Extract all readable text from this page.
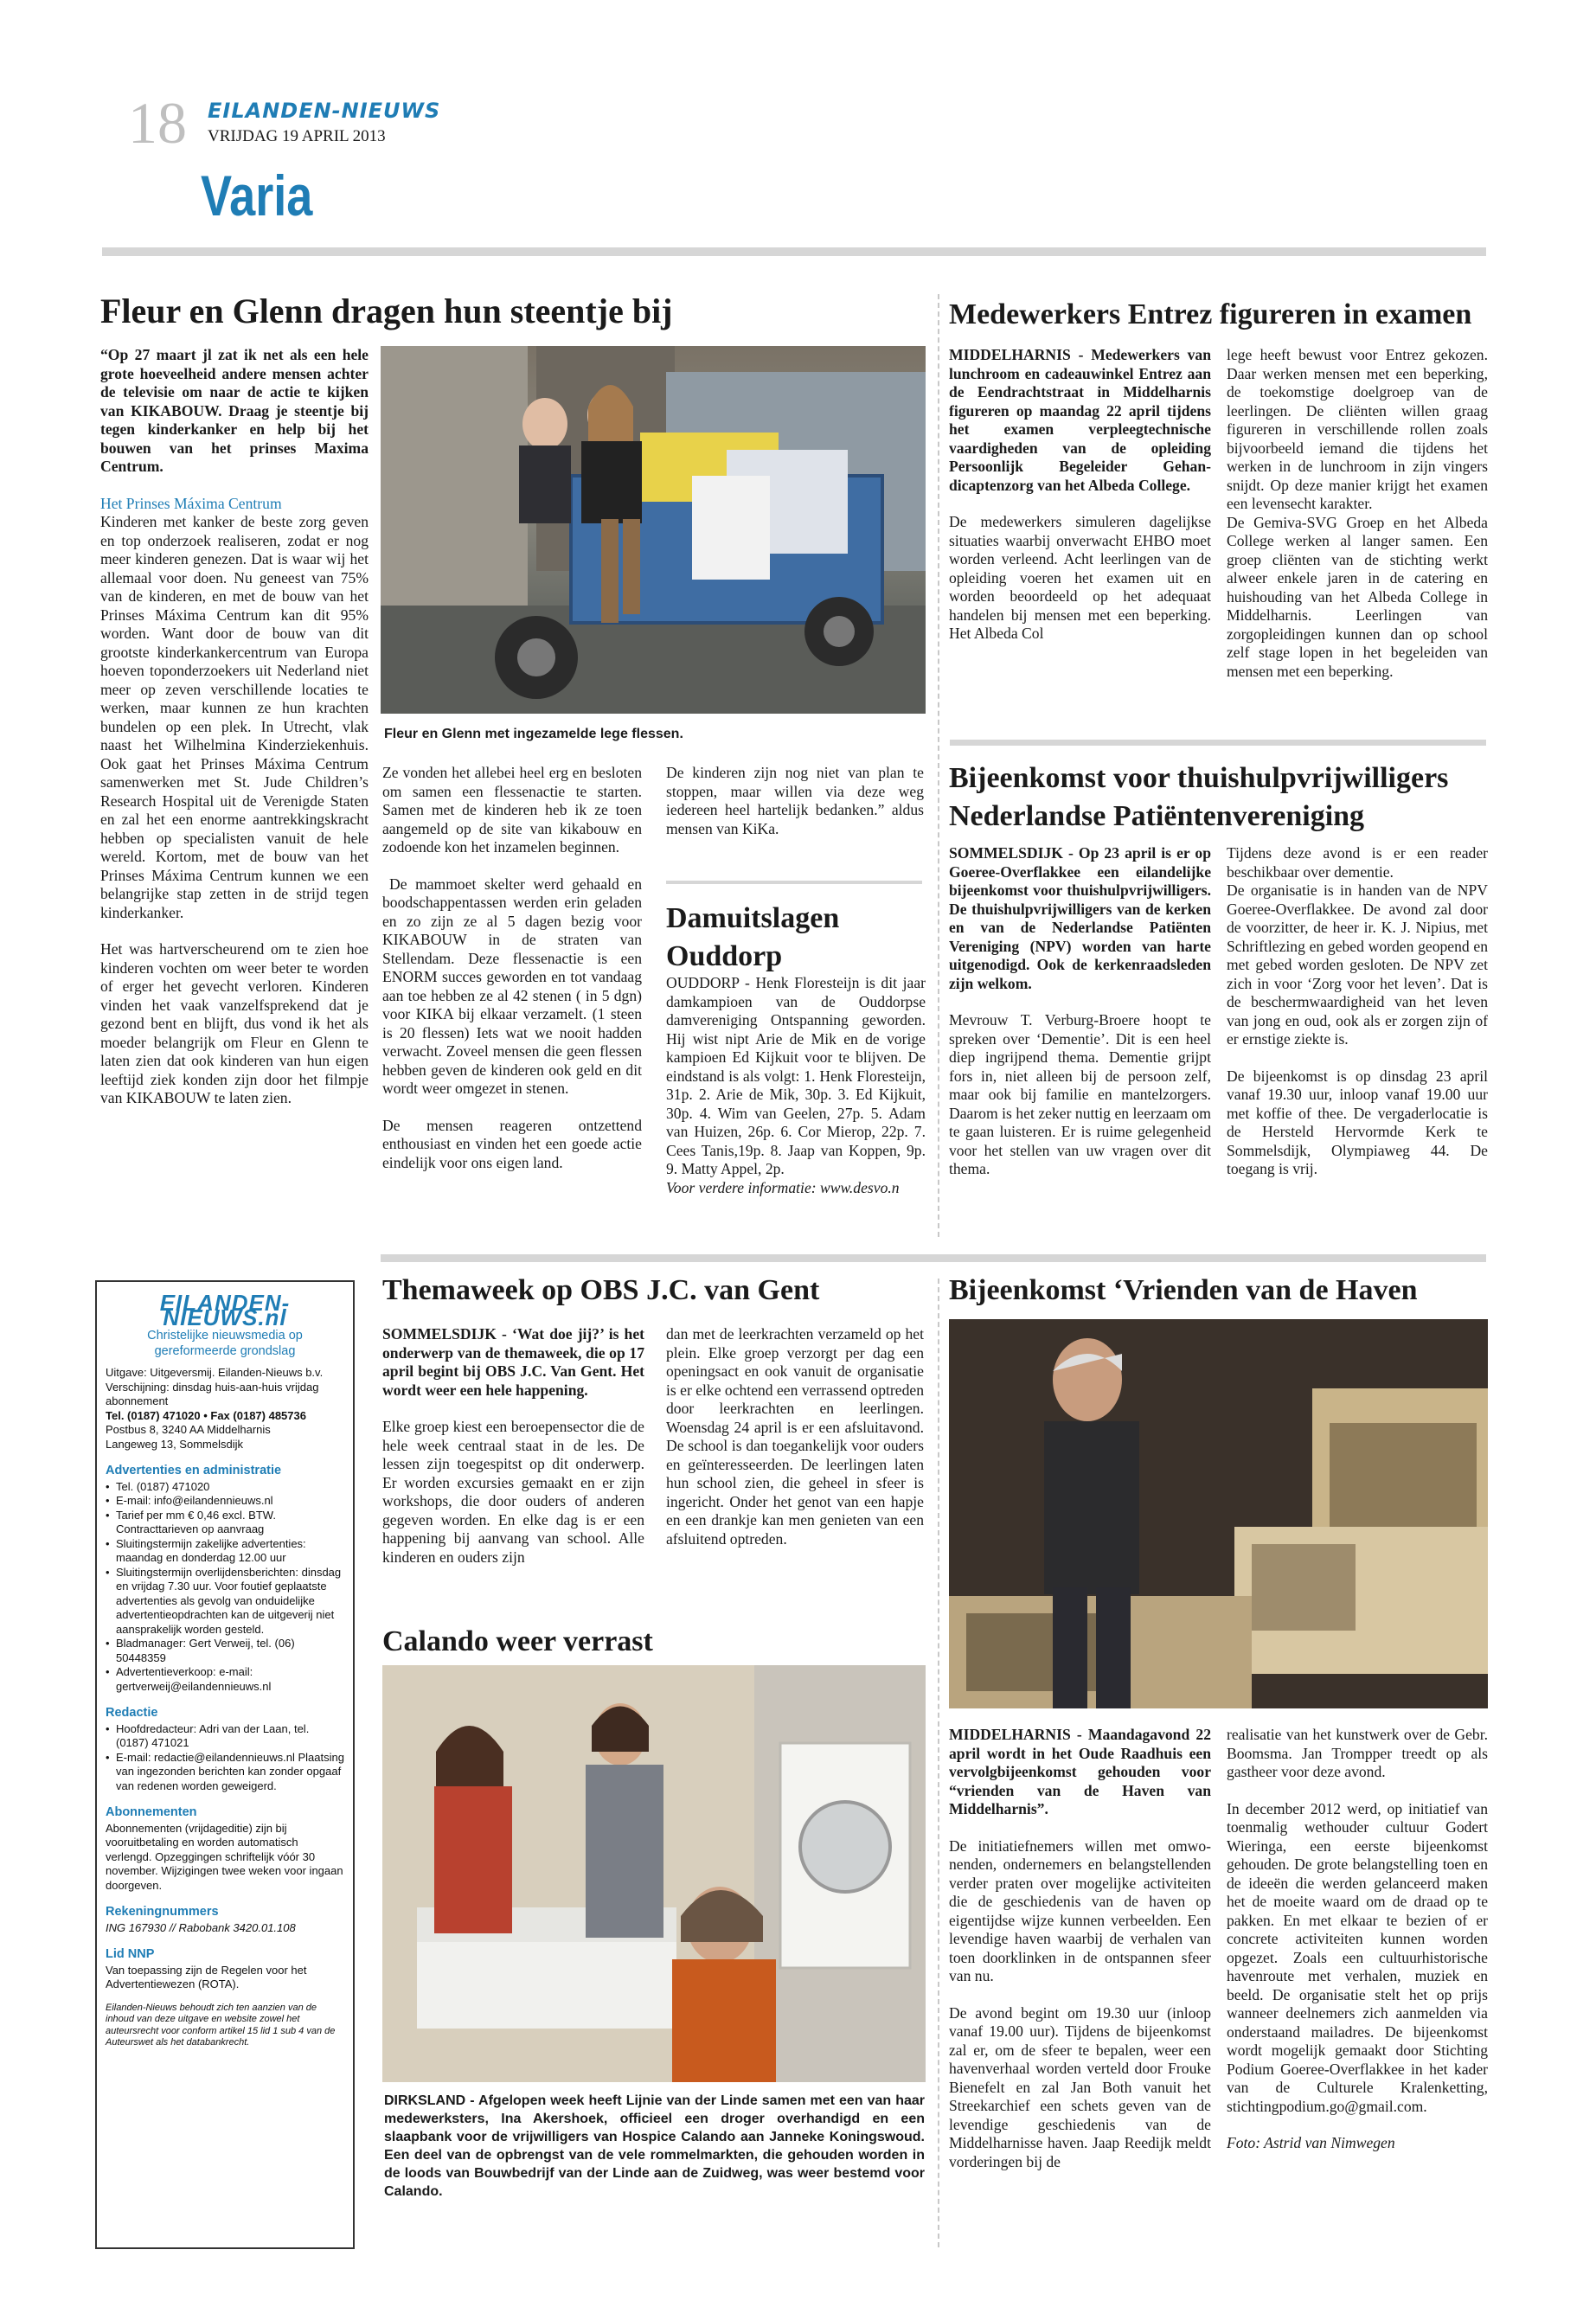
18 EILANDEN-NIEUWS
VRIJDAG 19 APRIL 2013
Varia
Fleur en Glenn dragen hun steentje bij

“Op 27 maart jl zat ik net als een hele grote hoeveelheid andere mensen achter de televisie om naar de actie te kijken van KIKABOUW. Draag je steentje bij tegen kinderkanker en help bij het bouwen van het prinses Maxima Centrum.

Het Prinses Máxima Centrum

Kinderen met kanker de beste zorg geven en top onderzoek realiseren, zodat er nog meer kinderen genezen. Dat is waar wij het allemaal voor doen. Nu geneest van 75% van de kinderen, en met de bouw van het Prinses Máxima Centrum kan dit 95% worden. Want door de bouw van dit grootste kinderkankercentrum van Europa hoeven toponderzoekers uit Nederland niet meer op zeven verschillende locaties te werken, maar kunnen ze hun krachten bundelen op een plek. In Utrecht, vlak naast het Wilhelmina Kinderziekenhuis. Ook gaat het Prinses Máxima Centrum samenwerken met St. Jude Children’s Research Hospital uit de Verenigde Staten en zal het een enorme aantrekkingskracht hebben op specialisten vanuit de hele wereld. Kortom, met de bouw van het Prinses Máxima Centrum kunnen we een belangrijke stap zetten in de strijd tegen kinderkanker.

Het was hartverscheurend om te zien hoe kinderen vochten om weer beter te worden of erger het gevecht verloren. Kinderen vinden het vaak vanzelfsprekend dat je gezond bent en blijft, dus vond ik het als moeder belangrijk om Fleur en Glenn te laten zien dat ook kinderen van hun eigen leeftijd ziek konden zijn door het filmpje van KIKABOUW te laten zien.

Fleur en Glenn met ingezamelde lege flessen.

Ze vonden het allebei heel erg en besloten om samen een flessenactie te starten. Samen met de kinderen heb ik ze toen aangemeld op de site van kikabouw en zodoende kon het inzamelen beginnen.

De mammoet skelter werd gehaald en boodschappentassen werden erin geladen en zo zijn ze al 5 dagen bezig voor KIKABOUW in de straten van Stellendam. Deze flessenactie is een ENORM succes geworden en tot vandaag aan toe hebben ze al 42 stenen ( in 5 dgn) voor KIKA bij elkaar verzamelt. (1 steen is 20 flessen) Iets wat we nooit hadden verwacht. Zoveel mensen die geen flessen hebben geven de kinderen ook geld en dit wordt weer omgezet in stenen.

De mensen reageren ontzettend enthousiast en vinden het een goede actie eindelijk voor ons eigen land.

De kinderen zijn nog niet van plan te stoppen, maar willen via deze weg iedereen heel hartelijk bedanken.” aldus mensen van KiKa.

Damuitslagen Ouddorp
OUDDORP - Henk Floresteijn is dit jaar damkampioen van de Ouddorpse damvereniging Ontspanning geworden. Hij wist nipt Arie de Mik en de vorige kampioen Ed Kijkuit voor te blijven. De eindstand is als volgt: 1. Henk Floresteijn, 31p. 2. Arie de Mik, 30p. 3. Ed Kijkuit, 30p. 4. Wim van Geelen, 27p. 5. Adam van Huizen, 26p. 6. Cor Mierop, 22p. 7. Cees Tanis,19p. 8. Jaap van Koppen, 9p. 9. Matty Appel, 2p.
Voor verdere informatie: www.desvo.n
Medewerkers Entrez figureren in examen

MIDDELHARNIS - Medewerkers van lunchroom en cadeauwinkel Entrez aan de Eendrachtstraat in Middelharnis figureren op maandag 22 april tijdens het examen verpleegtechnische vaardigheden van de opleiding Persoonlijk Begeleider Gehandicaptenzorg van het Albeda College.

De medewerkers simuleren dagelijkse situaties waarbij onverwacht EHBO moet worden verleend. Acht leerlingen van de opleiding voeren het examen uit en worden beoordeeld op het adequaat handelen bij mensen met een beperking. Het Albeda Col

lege heeft bewust voor Entrez gekozen. Daar werken mensen met een beperking, de toekomstige doelgroep van de leerlingen. De cliënten willen graag figureren in verschillende rollen zoals bijvoorbeeld iemand die tijdens het werken in de lunchroom in zijn vingers snijdt. Op deze manier krijgt het examen een levensecht karakter.
De Gemiva-SVG Groep en het Albeda College werken al langer samen. Een groep cliënten van de stichting werkt alweer enkele jaren in de catering en huishouding van het Albeda College in Middelharnis. Leerlingen van zorgopleidingen kunnen dan op school zelf stage lopen in het begeleiden van mensen met een beperking.
Bijeenkomst voor thuishulpvrijwilligers Nederlandse Patiëntenvereniging

SOMMELSDIJK - Op 23 april is er op Goeree-Overflakkee een eilandelijke bijeenkomst voor thuishulpvrijwilligers. De thuishulpvrijwilligers van de kerken en van de Nederlandse Patiënten Vereniging (NPV) worden van harte uitgenodigd. Ook de kerkenraadsleden zijn welkom.

Mevrouw T. Verburg-Broere hoopt te spreken over ‘Dementie’. Dit is een heel diep ingrijpend thema. Dementie grijpt fors in, niet alleen bij de persoon zelf, maar ook bij familie en mantelzorgers. Daarom is het zeker nuttig en leerzaam om te gaan luisteren. Er is ruime gelegenheid voor het stellen van uw vragen over dit thema.

Tijdens deze avond is er een reader beschikbaar over dementie.

De organisatie is in handen van de NPV Goeree-Overflakkee. De avond zal door de voorzitter, de heer ir. K. J. Nipius, met Schriftlezing en gebed worden geopend en met gebed worden gesloten. De NPV zet zich in voor ‘Zorg voor het leven’. Dat is de beschermwaardigheid van het leven van jong en oud, ook als er zorgen zijn of er ernstige ziekte is.

De bijeenkomst is op dinsdag 23 april vanaf 19.30 uur, inloop vanaf 19.00 uur met koffie of thee. De vergaderlocatie is de Hersteld Hervormde Kerk te Sommelsdijk, Olympiaweg 44. De toegang is vrij.

EILANDEN-NIEUWS.nl
Christelijke nieuwsmedia op gereformeerde grondslag
Uitgave: Uitgeversmij. Eilanden-Nieuws b.v.
Verschijning: dinsdag huis-aan-huis vrijdag abonnement
Tel. (0187) 471020 • Fax (0187) 485736
Postbus 8, 3240 AA Middelharnis
Langeweg 13, Sommelsdijk
Advertenties en administratie
• Tel. (0187) 471020
• E-mail: info@eilandennieuws.nl
• Tarief per mm € 0,46 excl. BTW. Contracttarieven op aanvraag
• Sluitingstermijn zakelijke advertenties: maandag en donderdag 12.00 uur
• Sluitingstermijn overlijdensberichten: dinsdag en vrijdag 7.30 uur. Voor foutief geplaatste advertenties als gevolg van onduidelijke advertentieopdrachten kan de uitgeverij niet aansprakelijk worden gesteld.
• Bladmanager: Gert Verweij, tel. (06) 50448359
• Advertentieverkoop: e-mail: gertverweij@eilandennieuws.nl
Redactie
• Hoofdredacteur: Adri van der Laan, tel. (0187) 471021
• E-mail: redactie@eilandennieuws.nl Plaatsing van ingezonden berichten kan zonder opgaaf van redenen worden geweigerd.
Abonnementen
Abonnementen (vrijdageditie) zijn bij vooruitbetaling en worden automatisch verlengd. Opzeggingen schriftelijk vóór 30 november. Wijzigingen twee weken voor ingaan doorgeven.
Rekeningnummers
ING 167930 // Rabobank 3420.01.108
Lid NNP
Van toepassing zijn de Regelen voor het Advertentiewezen (ROTA).
Eilanden-Nieuws behoudt zich ten aanzien van de inhoud van deze uitgave en website zowel het auteursrecht voor conform artikel 15 lid 1 sub 4 van de Auteurswet als het databankrecht.
Themaweek op OBS J.C. van Gent

SOMMELSDIJK - ‘Wat doe jij?’ is het onderwerp van de themaweek, die op 17 april begint bij OBS J.C. Van Gent. Het wordt weer een hele happening.

Elke groep kiest een beroepensector die de hele week centraal staat in de les. De lessen zijn toegespitst op dit onderwerp. Er worden excursies gemaakt en er zijn workshops, die door ouders of anderen gegeven worden. En elke dag is er een happening bij aanvang van school. Alle kinderen en ouders zijn
dan met de leerkrachten verzameld op het plein. Elke groep verzorgt per dag een openingsact en ook vanuit de organisatie is er elke ochtend een verrassend optreden door leerkrachten en leerlingen. Woensdag 24 april is er een afsluitavond. De school is dan toegankelijk voor ouders en geïnteresseerden. De leerlingen laten hun school zien, die geheel in sfeer is ingericht. Onder het genot van een hapje en een drankje kan men genieten van een afsluitend optreden.
Calando weer verrast
DIRKSLAND - Afgelopen week heeft Lijnie van der Linde samen met een van haar medewerksters, Ina Akershoek, officieel een droger overhandigd en een slaapbank voor de vrijwilligers van Hospice Calando aan Janneke Koningswoud. Een deel van de opbrengst van de vele rommelmarkten, die gehouden worden in de loods van Bouwbedrijf van der Linde aan de Zuidweg, was weer bestemd voor Calando.
Bijeenkomst ‘Vrienden van de Haven

MIDDELHARNIS - Maandagavond 22 april wordt in het Oude Raadhuis een vervolgbijeenkomst gehouden voor “vrienden van de Haven van Middelharnis”.

De initiatiefnemers willen met omwonenden, ondernemers en belangstellenden verder praten over mogelijke activiteiten die de geschiedenis van de haven op eigentijdse wijze kunnen verbeelden. Een levendige haven waarbij de verhalen van toen doorklinken in de ontspannen sfeer van nu.

De avond begint om 19.30 uur (inloop vanaf 19.00 uur). Tijdens de bijeenkomst zal er, om de sfeer te bepalen, weer een havenverhaal worden verteld door Frouke Bienefelt en zal Jan Both vanuit het Streekarchief een schets geven van de levendige geschiedenis van de Middelharnisse haven. Jaap Reedijk meldt vorderingen bij de

realisatie van het kunstwerk over de Gebr. Boomsma. Jan Trompper treedt op als gastheer voor deze avond.

In december 2012 werd, op initiatief van toenmalig wethouder cultuur Godert Wieringa, een eerste bijeenkomst gehouden. De grote belangstelling toen en de ideeën die werden gelanceerd maken het de moeite waard om de draad op te pakken. En met elkaar te bezien of er concrete activiteiten kunnen worden opgezet. Zoals een cultuurhistorische havenroute met verhalen, muziek en beeld. De organisatie stelt het op prijs wanneer deelnemers zich aanmelden via onderstaand mailadres. De bijeenkomst wordt mogelijk gemaakt door Stichting Podium Goeree-Overflakkee in het kader van de Culturele Kralenketting, stichtingpodium.go@gmail.com.

Foto: Astrid van Nimwegen
